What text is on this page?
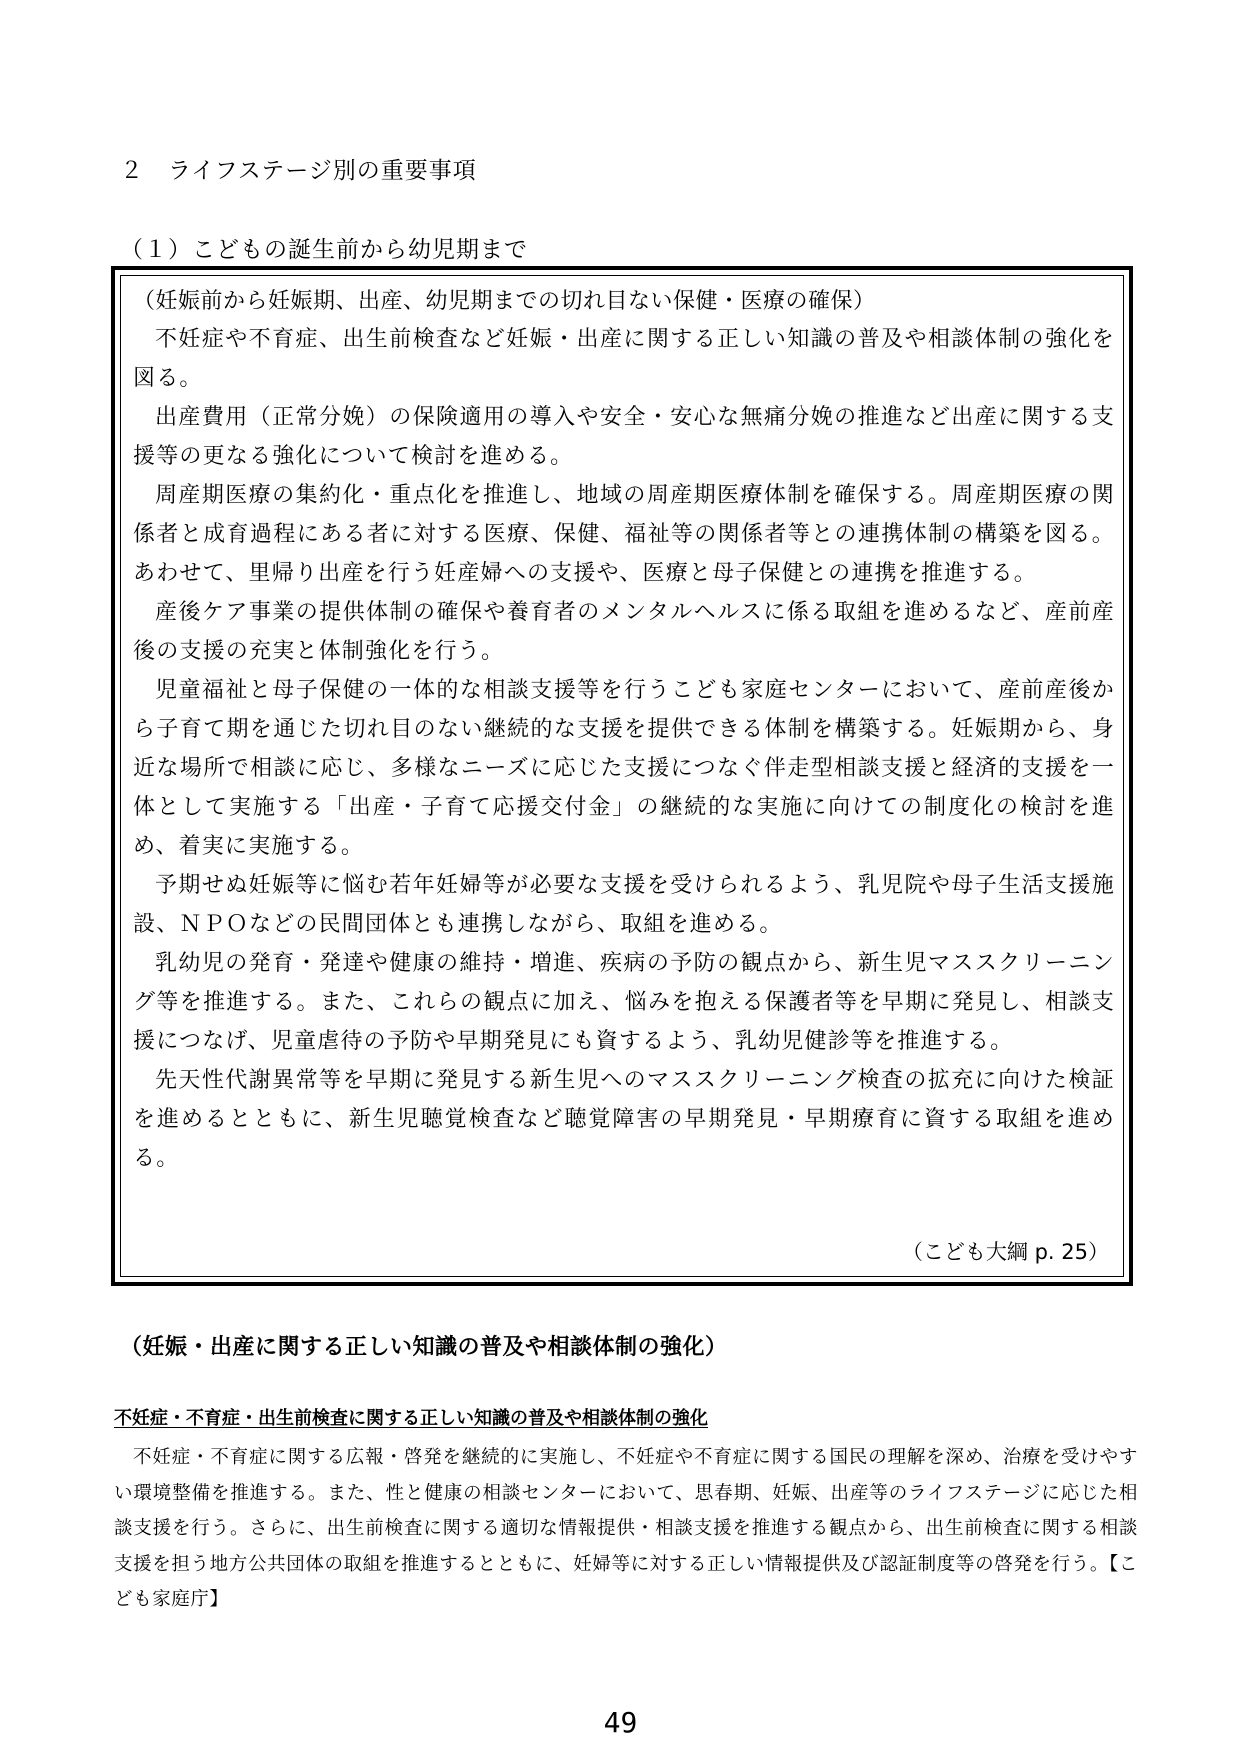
２　ライフステージ別の重要事項
（１）こどもの誕生前から幼児期まで

（妊娠前から妊娠期、出産、幼児期までの切れ目ない保健・医療の確保）

不妊症や不育症、出生前検査など妊娠・出産に関する正しい知識の普及や相談体制の強化を図る。

出産費用（正常分娩）の保険適用の導入や安全・安心な無痛分娩の推進など出産に関する支援等の更なる強化について検討を進める。

周産期医療の集約化・重点化を推進し、地域の周産期医療体制を確保する。周産期医療の関係者と成育過程にある者に対する医療、保健、福祉等の関係者等との連携体制の構築を図る。あわせて、里帰り出産を行う妊産婦への支援や、医療と母子保健との連携を推進する。

産後ケア事業の提供体制の確保や養育者のメンタルヘルスに係る取組を進めるなど、産前産後の支援の充実と体制強化を行う。

児童福祉と母子保健の一体的な相談支援等を行うこども家庭センターにおいて、産前産後から子育て期を通じた切れ目のない継続的な支援を提供できる体制を構築する。妊娠期から、身近な場所で相談に応じ、多様なニーズに応じた支援につなぐ伴走型相談支援と経済的支援を一体として実施する「出産・子育て応援交付金」の継続的な実施に向けての制度化の検討を進め、着実に実施する。

予期せぬ妊娠等に悩む若年妊婦等が必要な支援を受けられるよう、乳児院や母子生活支援施設、ＮＰＯなどの民間団体とも連携しながら、取組を進める。

乳幼児の発育・発達や健康の維持・増進、疾病の予防の観点から、新生児マススクリーニング等を推進する。また、これらの観点に加え、悩みを抱える保護者等を早期に発見し、相談支援につなげ、児童虐待の予防や早期発見にも資するよう、乳幼児健診等を推進する。

先天性代謝異常等を早期に発見する新生児へのマススクリーニング検査の拡充に向けた検証を進めるとともに、新生児聴覚検査など聴覚障害の早期発見・早期療育に資する取組を進める。

（こども大綱 p. 25）
（妊娠・出産に関する正しい知識の普及や相談体制の強化）
不妊症・不育症・出生前検査に関する正しい知識の普及や相談体制の強化

不妊症・不育症に関する広報・啓発を継続的に実施し、不妊症や不育症に関する国民の理解を深め、治療を受けやすい環境整備を推進する。また、性と健康の相談センターにおいて、思春期、妊娠、出産等のライフステージに応じた相談支援を行う。さらに、出生前検査に関する適切な情報提供・相談支援を推進する観点から、出生前検査に関する相談支援を担う地方公共団体の取組を推進するとともに、妊婦等に対する正しい情報提供及び認証制度等の啓発を行う。【こども家庭庁】

49
